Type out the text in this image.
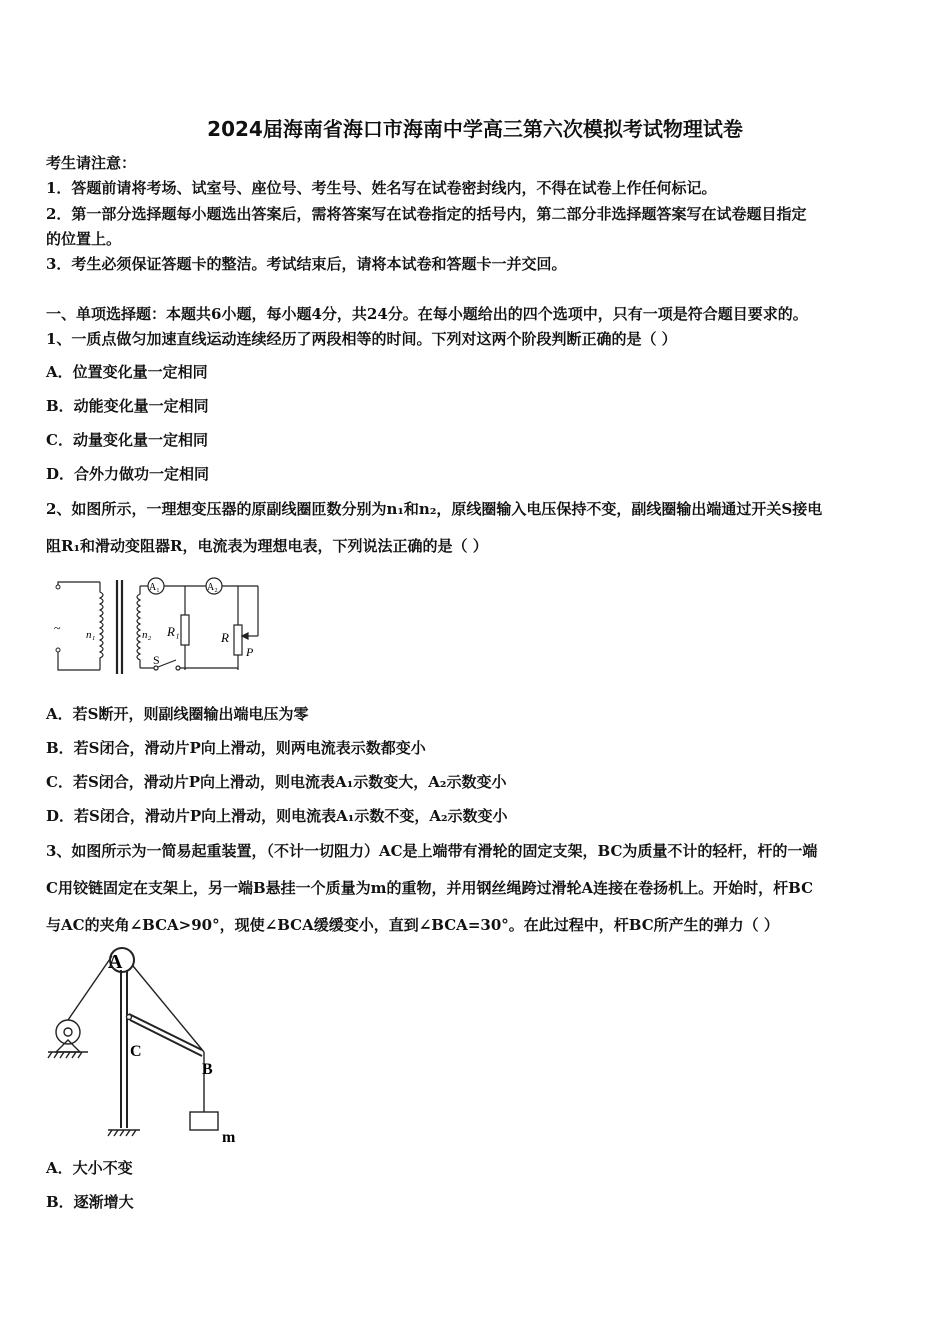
2024届海南省海口市海南中学高三第六次模拟考试物理试卷
考生请注意：
1．答题前请将考场、试室号、座位号、考生号、姓名写在试卷密封线内，不得在试卷上作任何标记。
2．第一部分选择题每小题选出答案后，需将答案写在试卷指定的括号内，第二部分非选择题答案写在试卷题目指定
的位置上。
3．考生必须保证答题卡的整洁。考试结束后，请将本试卷和答题卡一并交回。
一、单项选择题：本题共6小题，每小题4分，共24分。在每小题给出的四个选项中，只有一项是符合题目要求的。
1、一质点做匀加速直线运动连续经历了两段相等的时间。下列对这两个阶段判断正确的是（ ）
A．位置变化量一定相同
B．动能变化量一定相同
C．动量变化量一定相同
D．合外力做功一定相同
2、如图所示，一理想变压器的原副线圈匝数分别为n₁和n₂，原线圈输入电压保持不变，副线圈输出端通过开关S接电
阻R₁和滑动变阻器R，电流表为理想电表，下列说法正确的是（ ）
~ n₁	n₂
A₁	A₂
R₁	R
P
S
A．若S断开，则副线圈输出端电压为零
B．若S闭合，滑动片P向上滑动，则两电流表示数都变小
C．若S闭合，滑动片P向上滑动，则电流表A₁示数变大，A₂示数变小
D．若S闭合，滑动片P向上滑动，则电流表A₁示数不变，A₂示数变小
3、如图所示为一简易起重装置，（不计一切阻力）AC是上端带有滑轮的固定支架，BC为质量不计的轻杆，杆的一端
C用铰链固定在支架上，另一端B悬挂一个质量为m的重物，并用钢丝绳跨过滑轮A连接在卷扬机上。开始时，杆BC
与AC的夹角∠BCA>90°，现使∠BCA缓缓变小，直到∠BCA=30°。在此过程中，杆BC所产生的弹力（ ）
A
C
B
m
A．大小不变
B．逐渐增大
